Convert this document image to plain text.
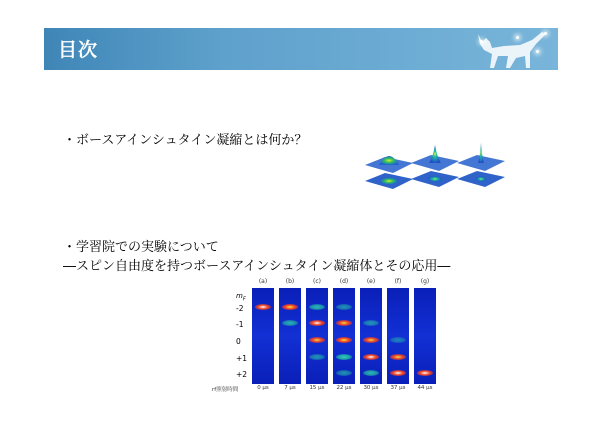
目次
・ボースアインシュタイン凝縮とは何か？
・学習院での実験について
―スピン自由度を持つボースアインシュタイン凝縮体とその応用―
$m_F$
-2
-1
0
+1
+2
(a)	(b)	(c)	(d)	(e)	(f)	(g)
0 μs	7 μs	15 μs	22 μs	30 μs	37 μs	44 μs
rf照射時間
